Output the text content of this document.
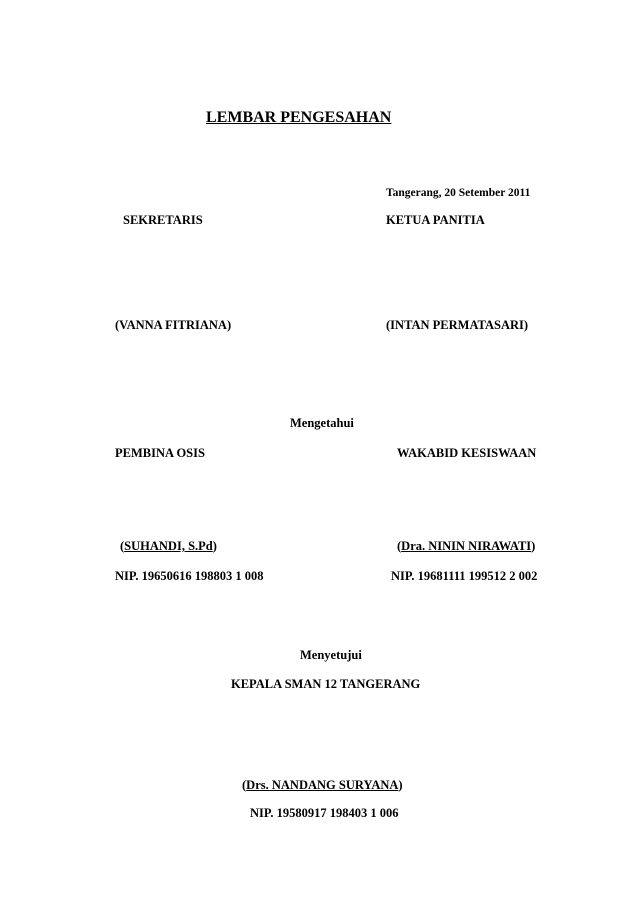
LEMBAR PENGESAHAN
Tangerang, 20 Setember 2011
SEKRETARIS	KETUA PANITIA
(VANNA FITRIANA)	(INTAN PERMATASARI)
Mengetahui
PEMBINA OSIS	WAKABID KESISWAAN
(SUHANDI, S.Pd)	(Dra. NININ NIRAWATI)
NIP. 19650616 198803 1 008	NIP. 19681111 199512 2 002
Menyetujui
KEPALA SMAN 12 TANGERANG
(Drs. NANDANG SURYANA)
NIP. 19580917 198403 1 006
